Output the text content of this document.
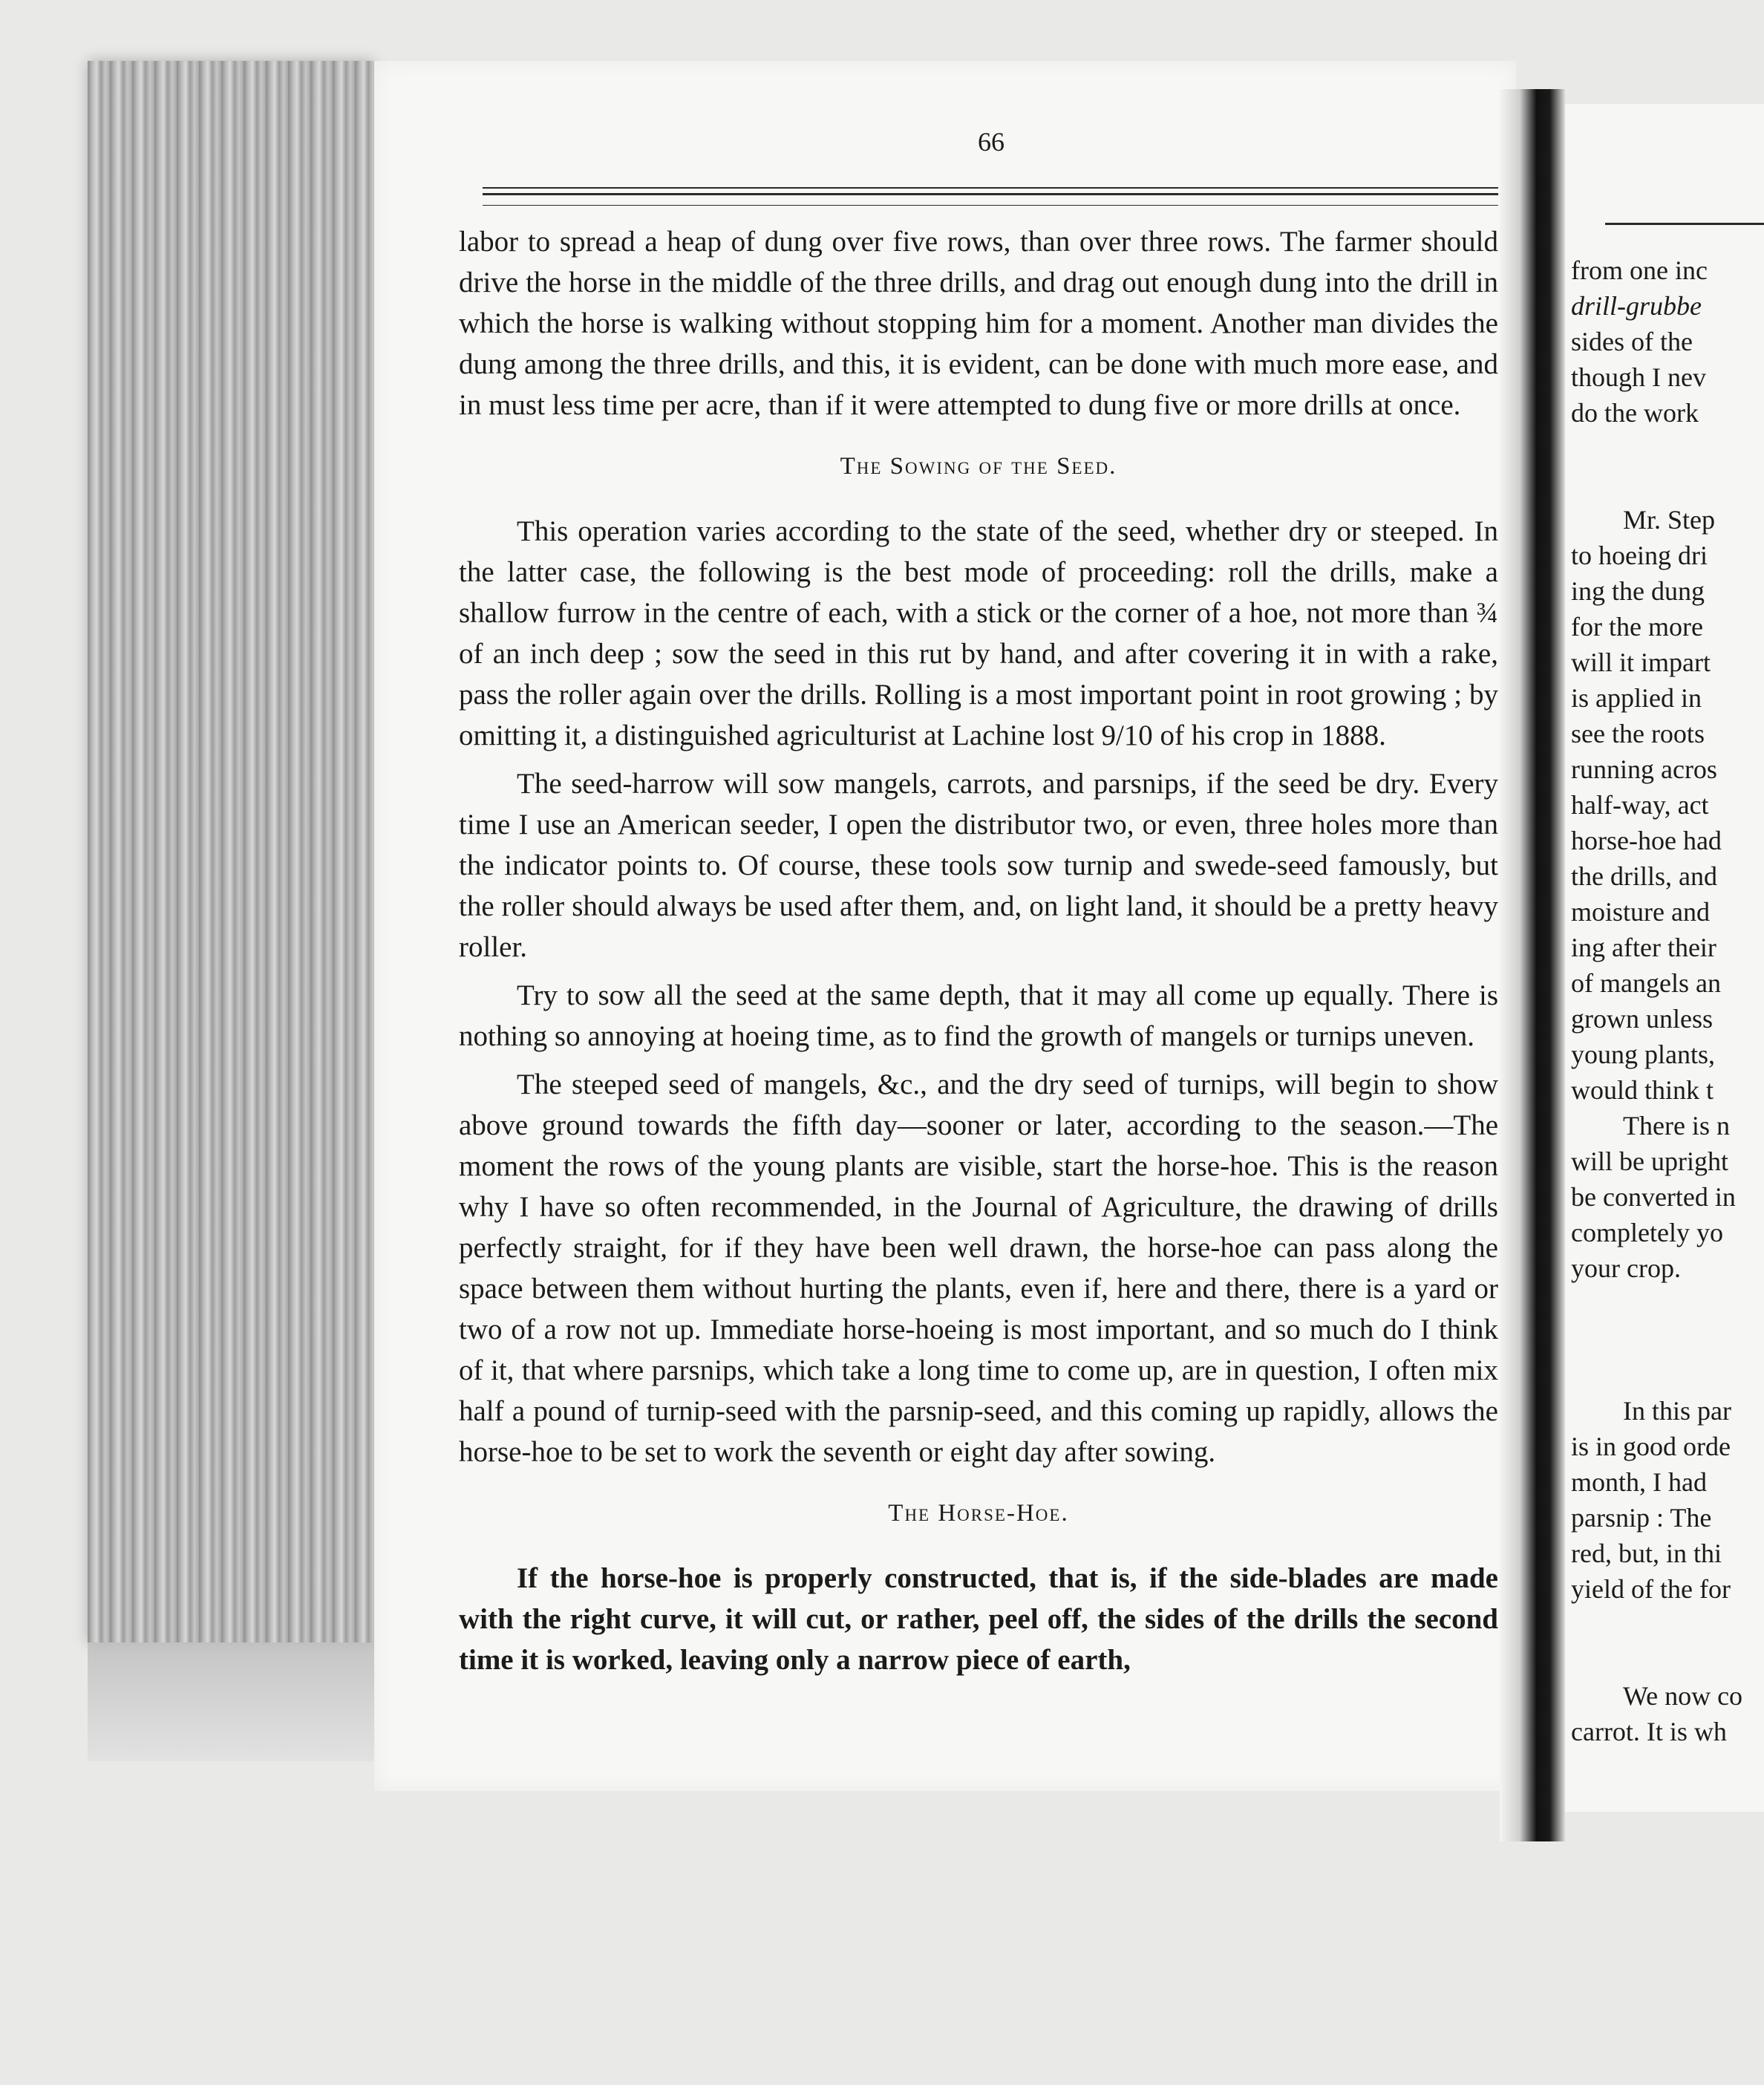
66

labor to spread a heap of dung over five rows, than over three rows. The farmer should drive the horse in the middle of the three drills, and drag out enough dung into the drill in which the horse is walking without stopping him for a moment. Another man divides the dung among the three drills, and this, it is evident, can be done with much more ease, and in must less time per acre, than if it were attempted to dung five or more drills at once.

The Sowing of the Seed.

This operation varies according to the state of the seed, whether dry or steeped. In the latter case, the following is the best mode of proceeding: roll the drills, make a shallow furrow in the centre of each, with a stick or the corner of a hoe, not more than ¾ of an inch deep ; sow the seed in this rut by hand, and after covering it in with a rake, pass the roller again over the drills. Rolling is a most important point in root growing ; by omitting it, a distinguished agriculturist at Lachine lost 9/10 of his crop in 1888.

The seed-harrow will sow mangels, carrots, and parsnips, if the seed be dry. Every time I use an American seeder, I open the distributor two, or even, three holes more than the indicator points to. Of course, these tools sow turnip and swede-seed famously, but the roller should always be used after them, and, on light land, it should be a pretty heavy roller.

Try to sow all the seed at the same depth, that it may all come up equally. There is nothing so annoying at hoeing time, as to find the growth of mangels or turnips uneven.

The steeped seed of mangels, &c., and the dry seed of turnips, will begin to show above ground towards the fifth day—sooner or later, according to the season.—The moment the rows of the young plants are visible, start the horse-hoe. This is the reason why I have so often recommended, in the Journal of Agriculture, the drawing of drills perfectly straight, for if they have been well drawn, the horse-hoe can pass along the space between them without hurting the plants, even if, here and there, there is a yard or two of a row not up. Immediate horse-hoeing is most important, and so much do I think of it, that where parsnips, which take a long time to come up, are in question, I often mix half a pound of turnip-seed with the parsnip-seed, and this coming up rapidly, allows the horse-hoe to be set to work the seventh or eight day after sowing.

The Horse-Hoe.

If the horse-hoe is properly constructed, that is, if the side-blades are made with the right curve, it will cut, or rather, peel off, the sides of the drills the second time it is worked, leaving only a narrow piece of earth,

from one inc
drill-grubbe
sides of the
though I nev
do the work
Mr. Step
to hoeing dri
ing the dung
for the more
will it impart
is applied in
see the roots
running acros
half-way, act
horse-hoe had
the drills, and
moisture and
ing after their
of mangels an
grown unless
young plants,
would think t
There is n
will be upright
be converted in
completely yo
your crop.
In this par
is in good orde
month, I had
parsnip : The
red, but, in thi
yield of the for
We now co
carrot. It is wh
